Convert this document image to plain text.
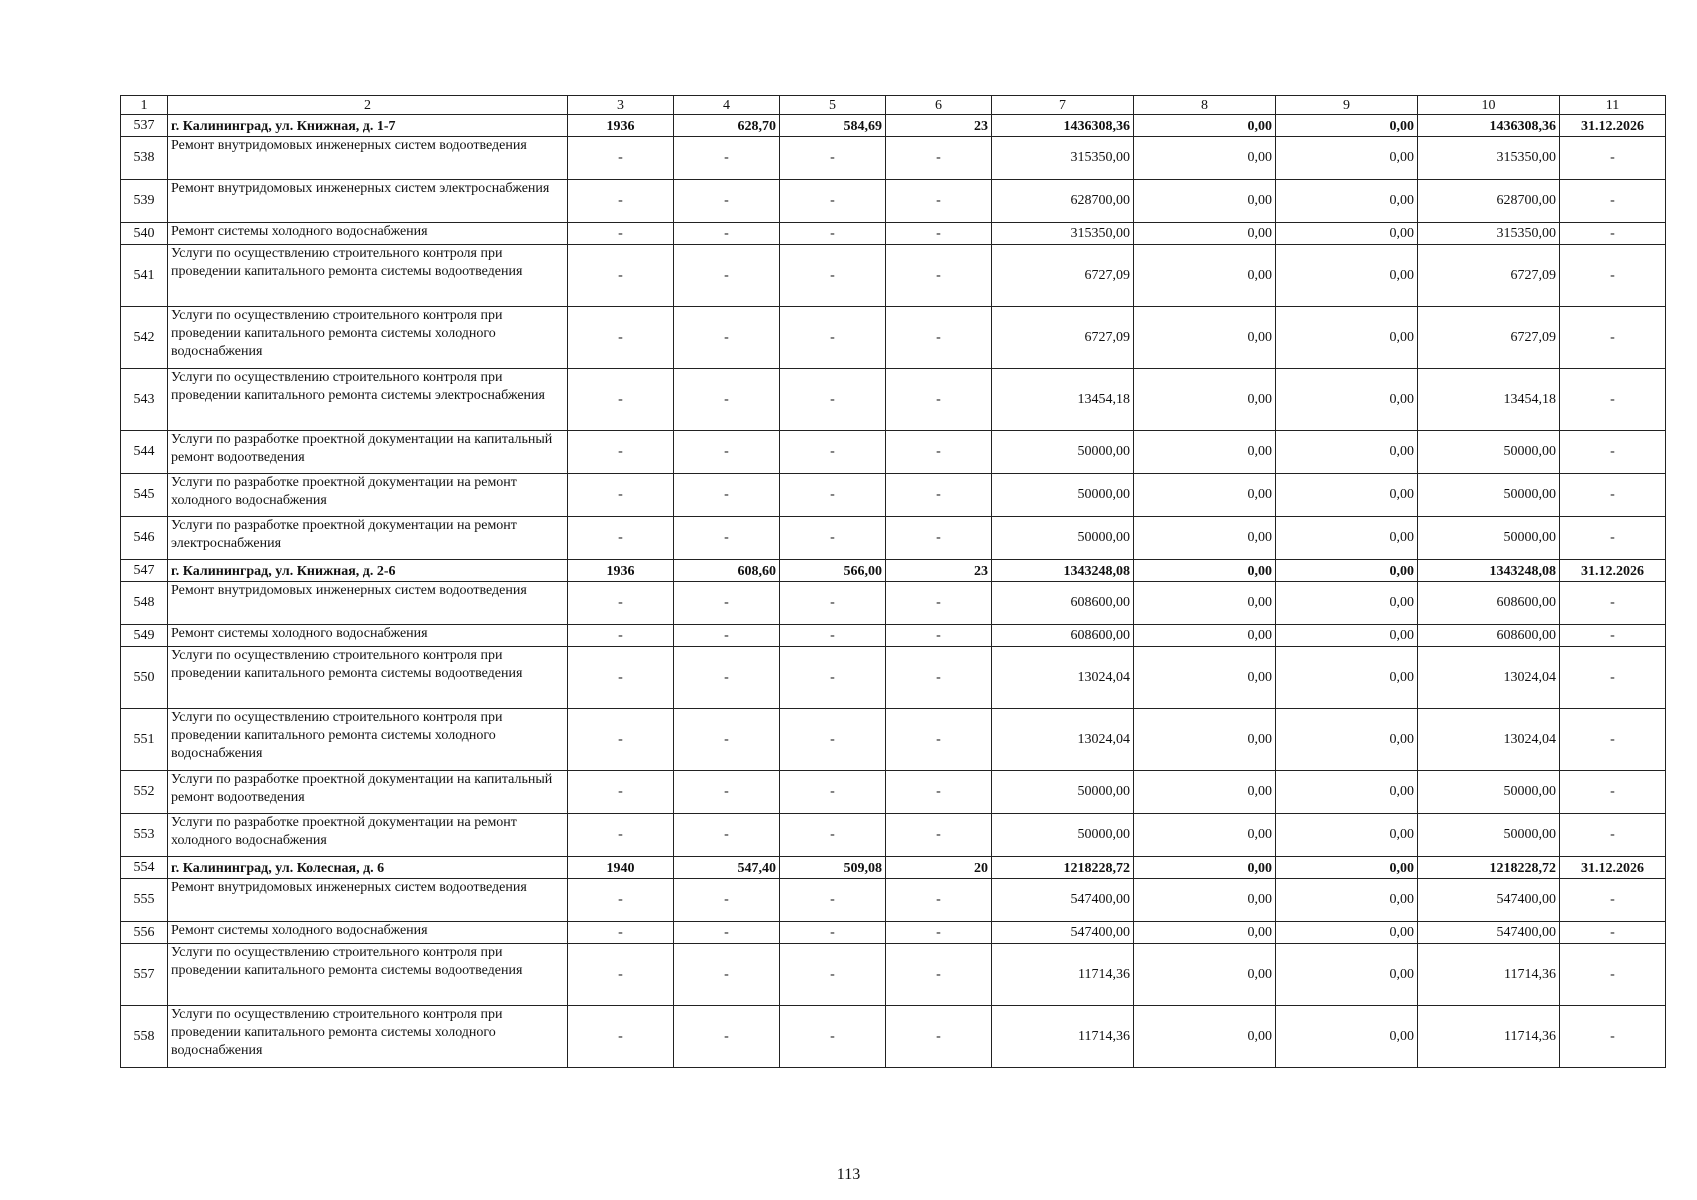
1	2	3	4	5	6	7	8	9	10	11
537	г. Калининград, ул. Книжная, д. 1-7	1936	628,70	584,69	23	1436308,36	0,00	0,00	1436308,36	31.12.2026
538	Ремонт внутридомовых инженерных систем водоотведения	-	-	-	-	315350,00	0,00	0,00	315350,00	-
539	Ремонт внутридомовых инженерных систем электроснабжения	-	-	-	-	628700,00	0,00	0,00	628700,00	-
540	Ремонт системы холодного водоснабжения	-	-	-	-	315350,00	0,00	0,00	315350,00	-
541	Услуги по осуществлению строительного контроля при проведении капитального ремонта системы водоотведения	-	-	-	-	6727,09	0,00	0,00	6727,09	-
542	Услуги по осуществлению строительного контроля при проведении капитального ремонта системы холодного водоснабжения	-	-	-	-	6727,09	0,00	0,00	6727,09	-
543	Услуги по осуществлению строительного контроля при проведении капитального ремонта системы электроснабжения	-	-	-	-	13454,18	0,00	0,00	13454,18	-
544	Услуги по разработке проектной документации на капитальный ремонт водоотведения	-	-	-	-	50000,00	0,00	0,00	50000,00	-
545	Услуги по разработке проектной документации на ремонт холодного водоснабжения	-	-	-	-	50000,00	0,00	0,00	50000,00	-
546	Услуги по разработке проектной документации на ремонт электроснабжения	-	-	-	-	50000,00	0,00	0,00	50000,00	-
547	г. Калининград, ул. Книжная, д. 2-6	1936	608,60	566,00	23	1343248,08	0,00	0,00	1343248,08	31.12.2026
548	Ремонт внутридомовых инженерных систем водоотведения	-	-	-	-	608600,00	0,00	0,00	608600,00	-
549	Ремонт системы холодного водоснабжения	-	-	-	-	608600,00	0,00	0,00	608600,00	-
550	Услуги по осуществлению строительного контроля при проведении капитального ремонта системы водоотведения	-	-	-	-	13024,04	0,00	0,00	13024,04	-
551	Услуги по осуществлению строительного контроля при проведении капитального ремонта системы холодного водоснабжения	-	-	-	-	13024,04	0,00	0,00	13024,04	-
552	Услуги по разработке проектной документации на капитальный ремонт водоотведения	-	-	-	-	50000,00	0,00	0,00	50000,00	-
553	Услуги по разработке проектной документации на ремонт холодного водоснабжения	-	-	-	-	50000,00	0,00	0,00	50000,00	-
554	г. Калининград, ул. Колесная, д. 6	1940	547,40	509,08	20	1218228,72	0,00	0,00	1218228,72	31.12.2026
555	Ремонт внутридомовых инженерных систем водоотведения	-	-	-	-	547400,00	0,00	0,00	547400,00	-
556	Ремонт системы холодного водоснабжения	-	-	-	-	547400,00	0,00	0,00	547400,00	-
557	Услуги по осуществлению строительного контроля при проведении капитального ремонта системы водоотведения	-	-	-	-	11714,36	0,00	0,00	11714,36	-
558	Услуги по осуществлению строительного контроля при проведении капитального ремонта системы холодного водоснабжения	-	-	-	-	11714,36	0,00	0,00	11714,36	-
113
